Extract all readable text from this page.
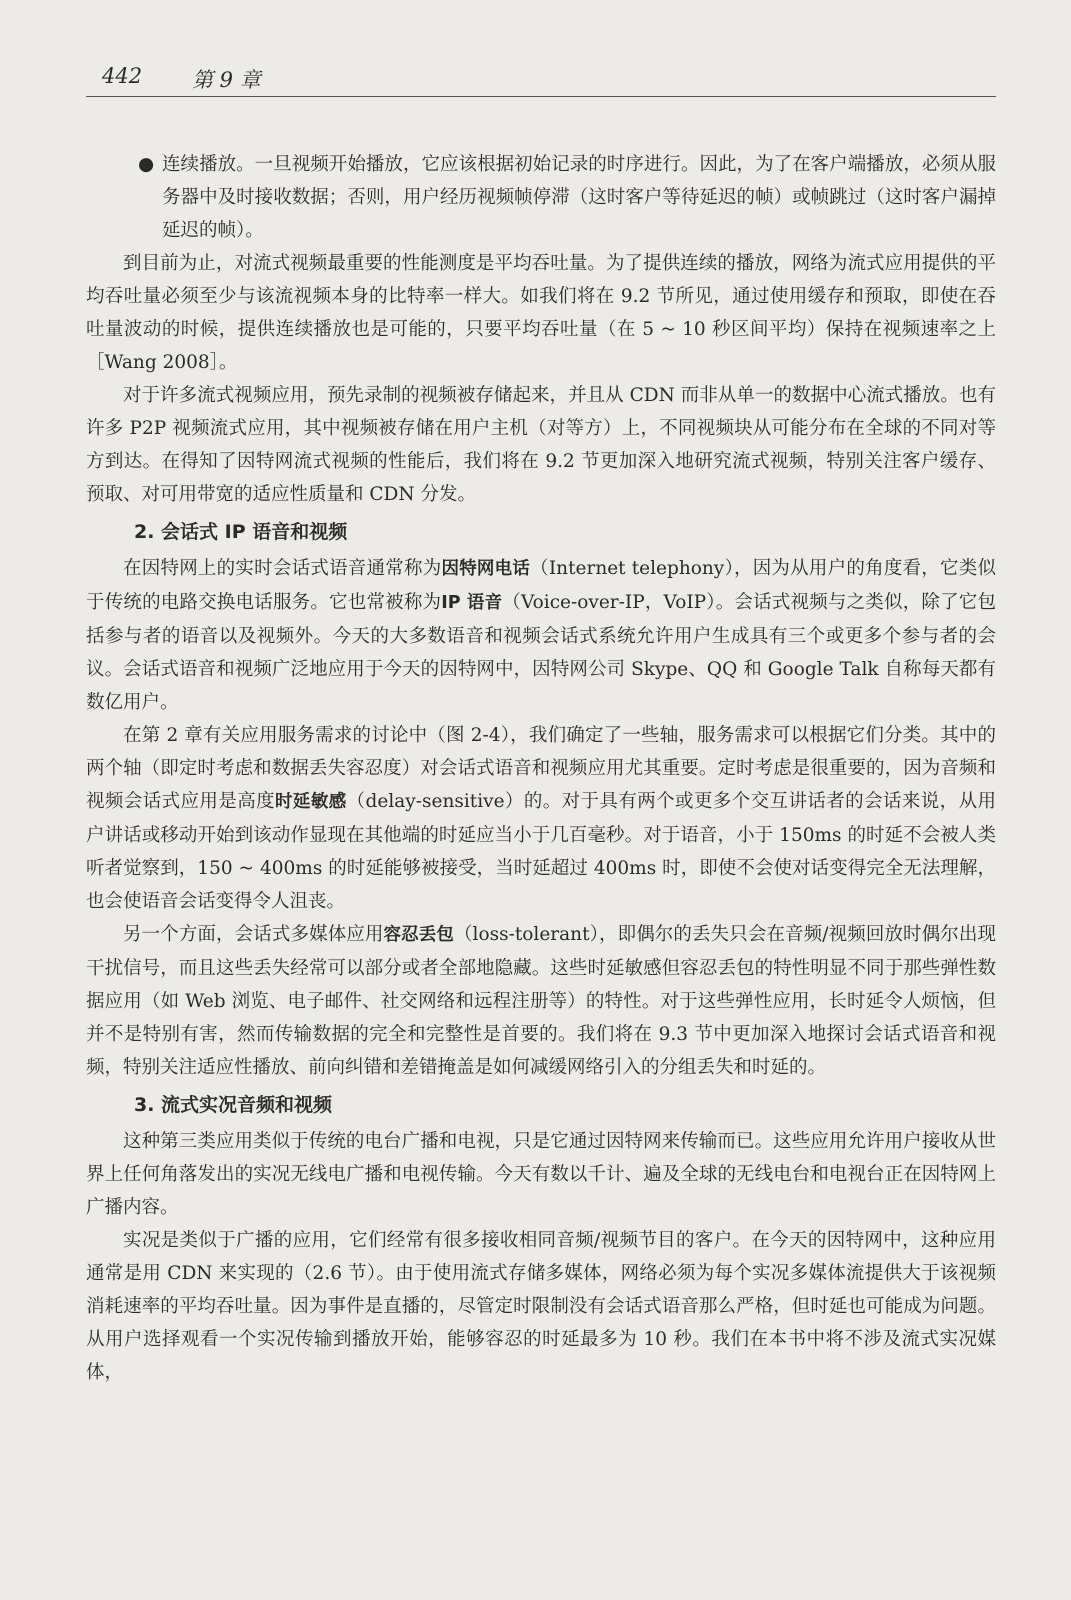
442 第 9 章

● 连续播放。一旦视频开始播放，它应该根据初始记录的时序进行。因此，为了在客户端播放，必须从服务器中及时接收数据；否则，用户经历视频帧停滞（这时客户等待延迟的帧）或帧跳过（这时客户漏掉延迟的帧）。

到目前为止，对流式视频最重要的性能测度是平均吞吐量。为了提供连续的播放，网络为流式应用提供的平均吞吐量必须至少与该流视频本身的比特率一样大。如我们将在 9.2 节所见，通过使用缓存和预取，即使在吞吐量波动的时候，提供连续播放也是可能的，只要平均吞吐量（在 5 ~ 10 秒区间平均）保持在视频速率之上［Wang 2008］。

对于许多流式视频应用，预先录制的视频被存储起来，并且从 CDN 而非从单一的数据中心流式播放。也有许多 P2P 视频流式应用，其中视频被存储在用户主机（对等方）上，不同视频块从可能分布在全球的不同对等方到达。在得知了因特网流式视频的性能后，我们将在 9.2 节更加深入地研究流式视频，特别关注客户缓存、预取、对可用带宽的适应性质量和 CDN 分发。

2. 会话式 IP 语音和视频

在因特网上的实时会话式语音通常称为因特网电话（Internet telephony），因为从用户的角度看，它类似于传统的电路交换电话服务。它也常被称为IP 语音（Voice-over-IP，VoIP）。会话式视频与之类似，除了它包括参与者的语音以及视频外。今天的大多数语音和视频会话式系统允许用户生成具有三个或更多个参与者的会议。会话式语音和视频广泛地应用于今天的因特网中，因特网公司 Skype、QQ 和 Google Talk 自称每天都有数亿用户。

在第 2 章有关应用服务需求的讨论中（图 2-4），我们确定了一些轴，服务需求可以根据它们分类。其中的两个轴（即定时考虑和数据丢失容忍度）对会话式语音和视频应用尤其重要。定时考虑是很重要的，因为音频和视频会话式应用是高度时延敏感（delay-sensitive）的。对于具有两个或更多个交互讲话者的会话来说，从用户讲话或移动开始到该动作显现在其他端的时延应当小于几百毫秒。对于语音，小于 150ms 的时延不会被人类听者觉察到，150 ~ 400ms 的时延能够被接受，当时延超过 400ms 时，即使不会使对话变得完全无法理解，也会使语音会话变得令人沮丧。

另一个方面，会话式多媒体应用容忍丢包（loss-tolerant），即偶尔的丢失只会在音频/视频回放时偶尔出现干扰信号，而且这些丢失经常可以部分或者全部地隐藏。这些时延敏感但容忍丢包的特性明显不同于那些弹性数据应用（如 Web 浏览、电子邮件、社交网络和远程注册等）的特性。对于这些弹性应用，长时延令人烦恼，但并不是特别有害，然而传输数据的完全和完整性是首要的。我们将在 9.3 节中更加深入地探讨会话式语音和视频，特别关注适应性播放、前向纠错和差错掩盖是如何减缓网络引入的分组丢失和时延的。

3. 流式实况音频和视频

这种第三类应用类似于传统的电台广播和电视，只是它通过因特网来传输而已。这些应用允许用户接收从世界上任何角落发出的实况无线电广播和电视传输。今天有数以千计、遍及全球的无线电台和电视台正在因特网上广播内容。

实况是类似于广播的应用，它们经常有很多接收相同音频/视频节目的客户。在今天的因特网中，这种应用通常是用 CDN 来实现的（2.6 节）。由于使用流式存储多媒体，网络必须为每个实况多媒体流提供大于该视频消耗速率的平均吞吐量。因为事件是直播的，尽管定时限制没有会话式语音那么严格，但时延也可能成为问题。从用户选择观看一个实况传输到播放开始，能够容忍的时延最多为 10 秒。我们在本书中将不涉及流式实况媒体，
